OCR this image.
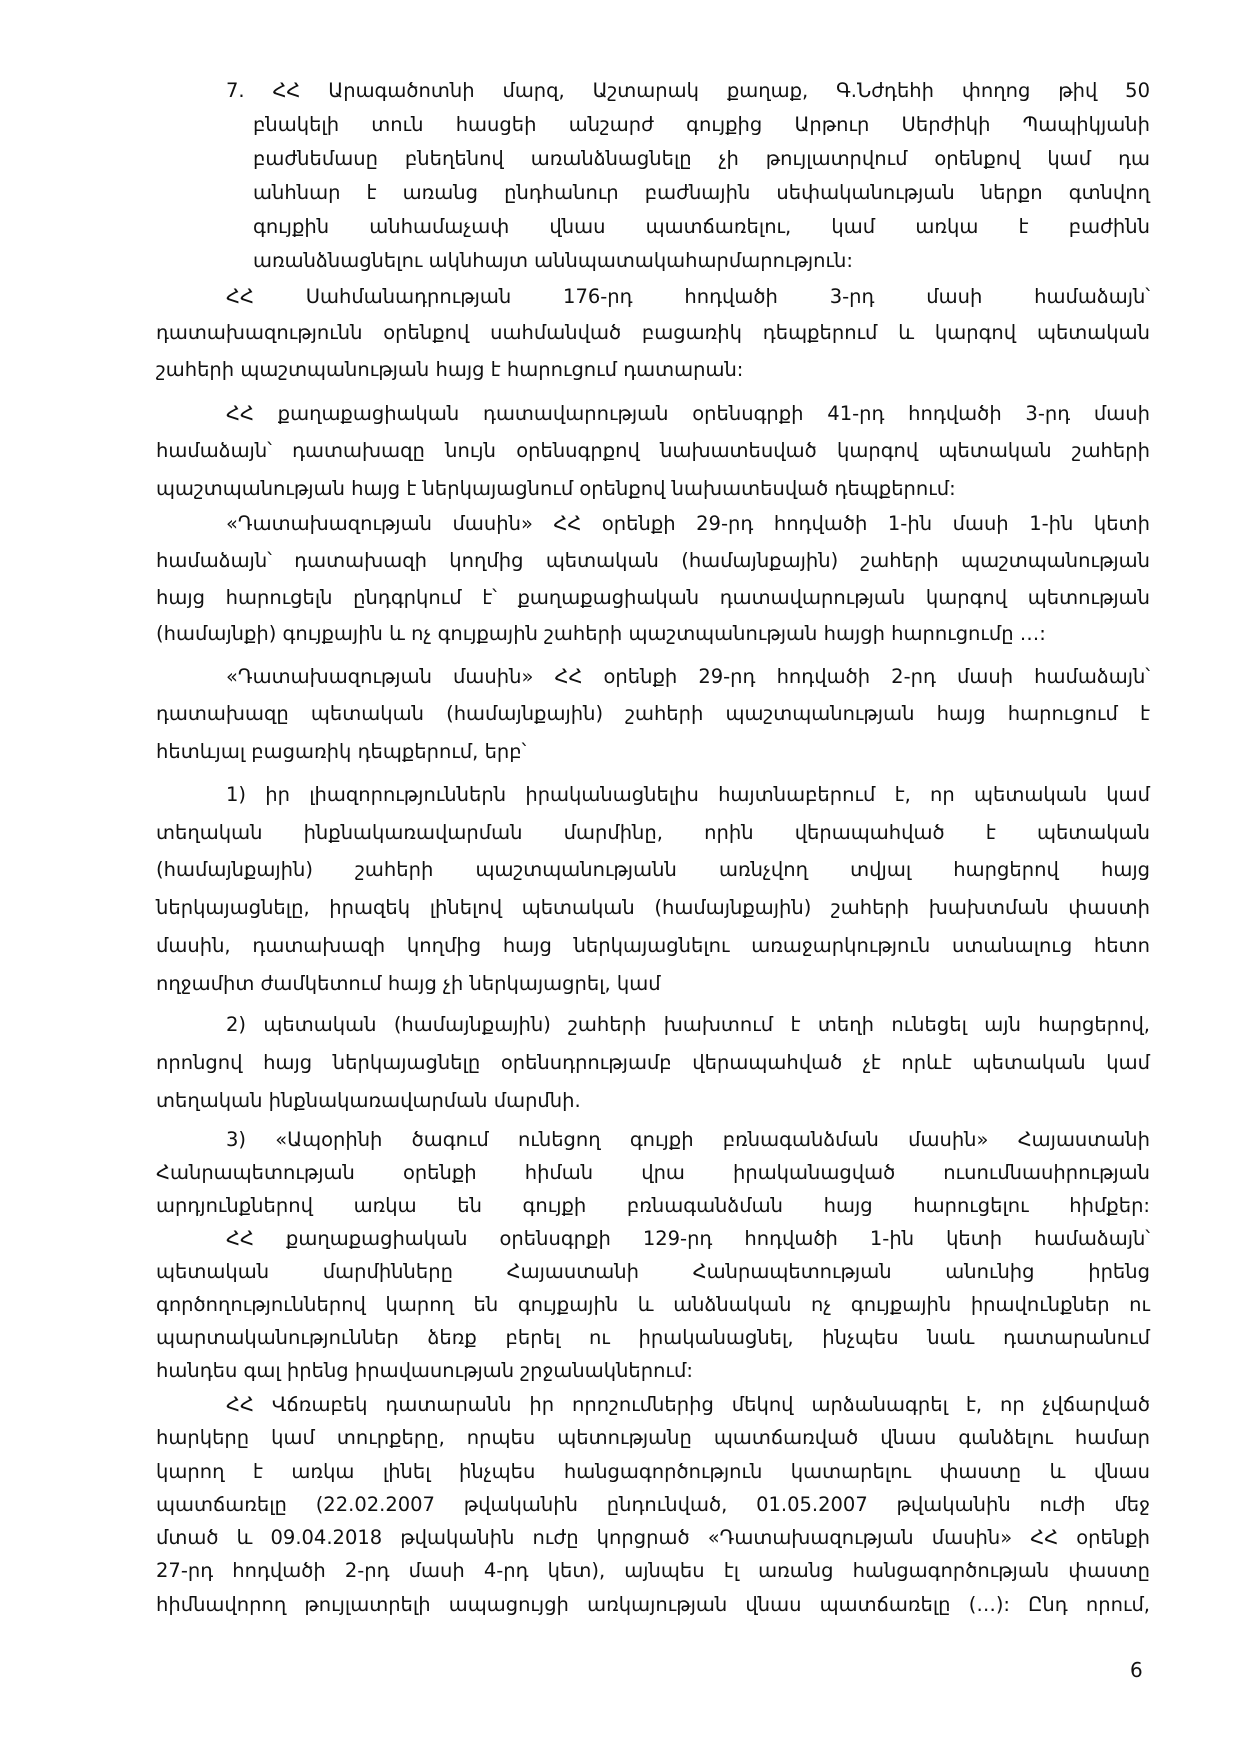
7. ՀՀ Արագածոտնի մարզ, Աշտարակ քաղաք, Գ.Նժդեհի փողոց թիվ 50
բնակելի տուն հասցեի անշարժ գույքից Արթուր Սերժիկի Պապիկյանի
բաժնեմասը բնեղենով առանձնացնելը չի թույլատրվում օրենքով կամ դա
անհնար է առանց ընդհանուր բաժնային սեփականության ներքո գտնվող
գույքին անհամաչափ վնաս պատճառելու, կամ առկա է բաժինն
առանձնացնելու ակնհայտ աննպատակահարմարություն:
ՀՀ Սահմանադրության 176-րդ հոդվածի 3-րդ մասի համաձայն՝
դատախազությունն օրենքով սահմանված բացառիկ դեպքերում և կարգով պետական
շահերի պաշտպանության հայց է հարուցում դատարան:
ՀՀ քաղաքացիական դատավարության օրենսգրքի 41-րդ հոդվածի 3-րդ մասի
համաձայն՝ դատախազը նույն օրենսգրքով նախատեսված կարգով պետական շահերի
պաշտպանության հայց է ներկայացնում օրենքով նախատեսված դեպքերում:
«Դատախազության մասին» ՀՀ օրենքի 29-րդ հոդվածի 1-ին մասի 1-ին կետի
համաձայն՝ դատախազի կողմից պետական (համայնքային) շահերի պաշտպանության
հայց հարուցելն ընդգրկում է՝ քաղաքացիական դատավարության կարգով պետության
(համայնքի) գույքային և ոչ գույքային շահերի պաշտպանության հայցի հարուցումը …:
«Դատախազության մասին» ՀՀ օրենքի 29-րդ հոդվածի 2-րդ մասի համաձայն՝
դատախազը պետական (համայնքային) շահերի պաշտպանության հայց հարուցում է
հետևյալ բացառիկ դեպքերում, երբ՝
1) իր լիազորություններն իրականացնելիս հայտնաբերում է, որ պետական կամ
տեղական ինքնակառավարման մարմինը, որին վերապահված է պետական
(համայնքային) շահերի պաշտպանությանն առնչվող տվյալ հարցերով հայց
ներկայացնելը, իրազեկ լինելով պետական (համայնքային) շահերի խախտման փաստի
մասին, դատախազի կողմից հայց ներկայացնելու առաջարկություն ստանալուց հետո
ողջամիտ ժամկետում հայց չի ներկայացրել, կամ
2) պետական (համայնքային) շահերի խախտում է տեղի ունեցել այն հարցերով,
որոնցով հայց ներկայացնելը օրենսդրությամբ վերապահված չէ որևէ պետական կամ
տեղական ինքնակառավարման մարմնի.
3) «Ապօրինի ծագում ունեցող գույքի բռնագանձման մասին» Հայաստանի
Հանրապետության օրենքի հիման վրա իրականացված ուսումնասիրության
արդյունքներով առկա են գույքի բռնագանձման հայց հարուցելու հիմքեր:
ՀՀ քաղաքացիական օրենսգրքի 129-րդ հոդվածի 1-ին կետի համաձայն՝
պետական մարմինները Հայաստանի Հանրապետության անունից իրենց
գործողություններով կարող են գույքային և անձնական ոչ գույքային իրավունքներ ու
պարտականություններ ձեռք բերել ու իրականացնել, ինչպես նաև դատարանում
հանդես գալ իրենց իրավասության շրջանակներում:
ՀՀ Վճռաբեկ դատարանն իր որոշումներից մեկով արձանագրել է, որ չվճարված
հարկերը կամ տուրքերը, որպես պետությանը պատճառված վնաս գանձելու համար
կարող է առկա լինել ինչպես հանցագործություն կատարելու փաստը և վնաս
պատճառելը (22.02.2007 թվականին ընդունված, 01.05.2007 թվականին ուժի մեջ
մտած և 09.04.2018 թվականին ուժը կորցրած «Դատախազության մասին» ՀՀ օրենքի
27-րդ հոդվածի 2-րդ մասի 4-րդ կետ), այնպես էլ առանց հանցագործության փաստը
հիմնավորող թույլատրելի ապացույցի առկայության վնաս պատճառելը (…): Ընդ որում,
6
